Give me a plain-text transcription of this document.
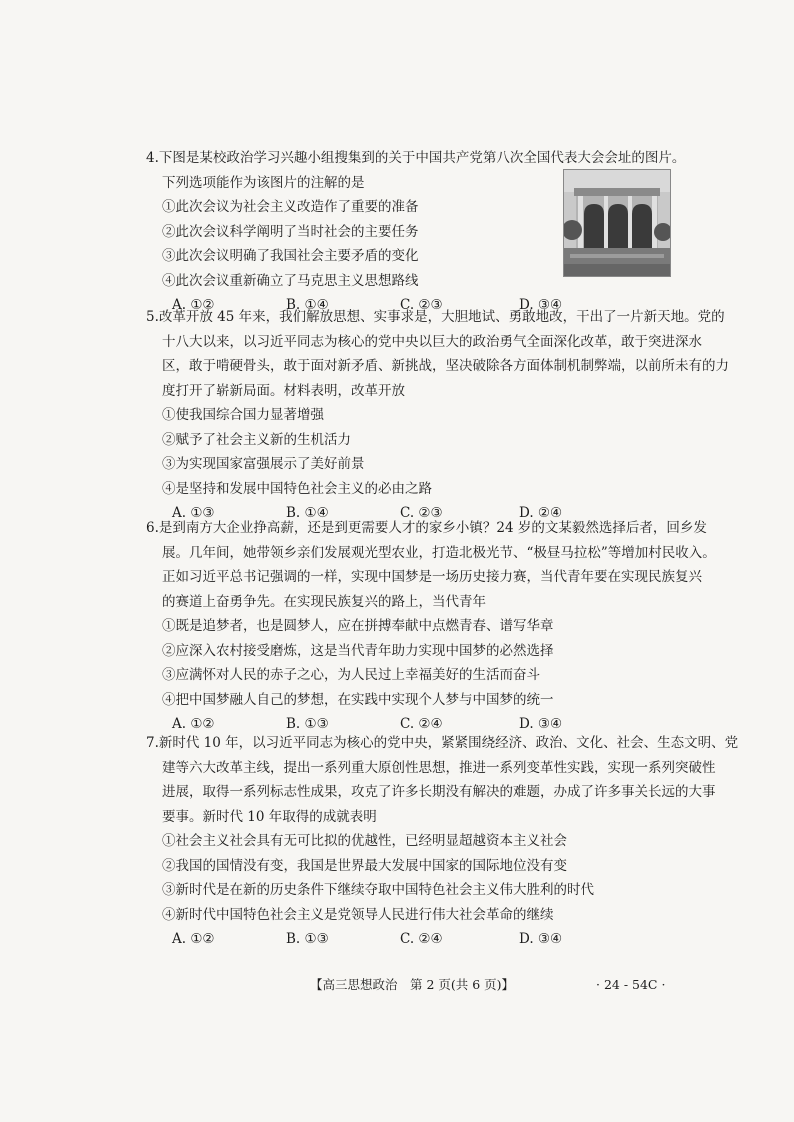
4.下图是某校政治学习兴趣小组搜集到的关于中国共产党第八次全国代表大会会址的图片。
下列选项能作为该图片的注解的是
①此次会议为社会主义改造作了重要的准备
②此次会议科学阐明了当时社会的主要任务
③此次会议明确了我国社会主要矛盾的变化
④此次会议重新确立了马克思主义思想路线
A. ①②	B. ①④	C. ②③	D. ③④
5.改革开放 45 年来，我们解放思想、实事求是，大胆地试、勇敢地改，干出了一片新天地。党的
十八大以来，以习近平同志为核心的党中央以巨大的政治勇气全面深化改革，敢于突进深水
区，敢于啃硬骨头，敢于面对新矛盾、新挑战，坚决破除各方面体制机制弊端，以前所未有的力
度打开了崭新局面。材料表明，改革开放
①使我国综合国力显著增强
②赋予了社会主义新的生机活力
③为实现国家富强展示了美好前景
④是坚持和发展中国特色社会主义的必由之路
A. ①③	B. ①④	C. ②③	D. ②④
6.是到南方大企业挣高薪，还是到更需要人才的家乡小镇？24 岁的文某毅然选择后者，回乡发
展。几年间，她带领乡亲们发展观光型农业，打造北极光节、“极昼马拉松”等增加村民收入。
正如习近平总书记强调的一样，实现中国梦是一场历史接力赛，当代青年要在实现民族复兴
的赛道上奋勇争先。在实现民族复兴的路上，当代青年
①既是追梦者，也是圆梦人，应在拼搏奉献中点燃青春、谱写华章
②应深入农村接受磨炼，这是当代青年助力实现中国梦的必然选择
③应满怀对人民的赤子之心，为人民过上幸福美好的生活而奋斗
④把中国梦融人自己的梦想，在实践中实现个人梦与中国梦的统一
A. ①②	B. ①③	C. ②④	D. ③④
7.新时代 10 年，以习近平同志为核心的党中央，紧紧围绕经济、政治、文化、社会、生态文明、党
建等六大改革主线，提出一系列重大原创性思想，推进一系列变革性实践，实现一系列突破性
进展，取得一系列标志性成果，攻克了许多长期没有解决的难题，办成了许多事关长远的大事
要事。新时代 10 年取得的成就表明
①社会主义社会具有无可比拟的优越性，已经明显超越资本主义社会
②我国的国情没有变，我国是世界最大发展中国家的国际地位没有变
③新时代是在新的历史条件下继续夺取中国特色社会主义伟大胜利的时代
④新时代中国特色社会主义是党领导人民进行伟大社会革命的继续
A. ①②	B. ①③	C. ②④	D. ③④
【高三思想政治　第 2 页(共 6 页)】	· 24 - 54C ·
